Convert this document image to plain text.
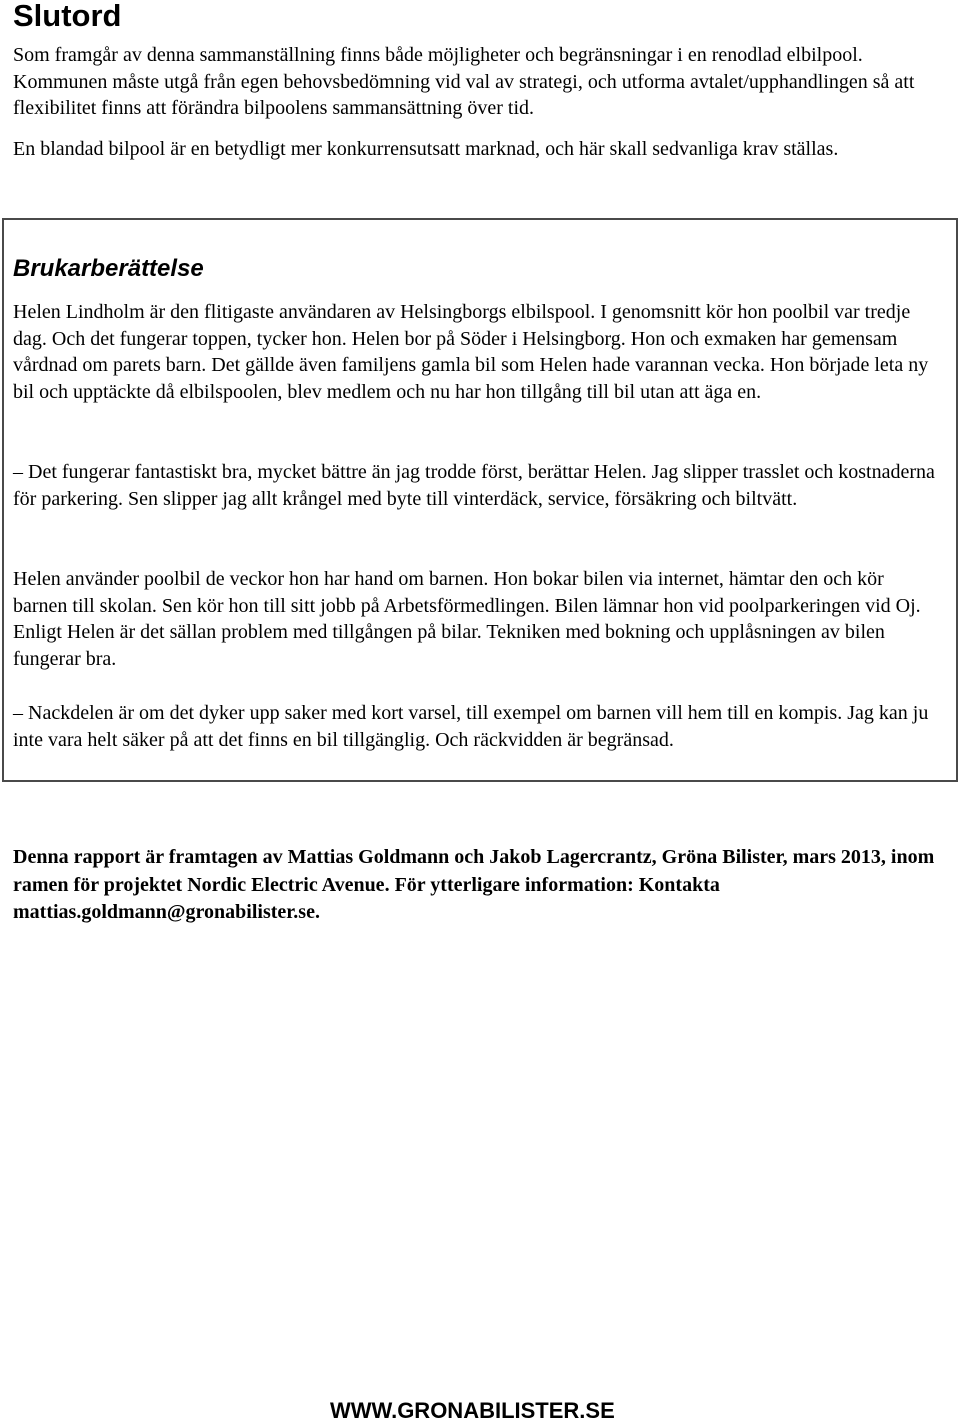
Slutord

Som framgår av denna sammanställning finns både möjligheter och begränsningar i en renodlad elbilpool. Kommunen måste utgå från egen behovsbedömning vid val av strategi, och utforma avtalet/upphandlingen så att flexibilitet finns att förändra bilpoolens sammansättning över tid.

En blandad bilpool är en betydligt mer konkurrensutsatt marknad, och här skall sedvanliga krav ställas.

Brukarberättelse

Helen Lindholm är den flitigaste användaren av Helsingborgs elbilspool. I genomsnitt kör hon poolbil var tredje dag. Och det fungerar toppen, tycker hon. Helen bor på Söder i Helsingborg. Hon och exmaken har gemensam vårdnad om parets barn. Det gällde även familjens gamla bil som Helen hade varannan vecka. Hon började leta ny bil och upptäckte då elbilspoolen, blev medlem och nu har hon tillgång till bil utan att äga en.

– Det fungerar fantastiskt bra, mycket bättre än jag trodde först, berättar Helen. Jag slipper trasslet och kostnaderna för parkering. Sen slipper jag allt krångel med byte till vinterdäck, service, försäkring och biltvätt.

Helen använder poolbil de veckor hon har hand om barnen. Hon bokar bilen via internet, hämtar den och kör barnen till skolan. Sen kör hon till sitt jobb på Arbetsförmedlingen. Bilen lämnar hon vid poolparkeringen vid Oj. Enligt Helen är det sällan problem med tillgången på bilar. Tekniken med bokning och upplåsningen av bilen fungerar bra.

– Nackdelen är om det dyker upp saker med kort varsel, till exempel om barnen vill hem till en kompis. Jag kan ju inte vara helt säker på att det finns en bil tillgänglig. Och räckvidden är begränsad.

Denna rapport är framtagen av Mattias Goldmann och Jakob Lagercrantz, Gröna Bilister, mars 2013, inom ramen för projektet Nordic Electric Avenue. För ytterligare information: Kontakta mattias.goldmann@gronabilister.se.

WWW.GRONABILISTER.SE
